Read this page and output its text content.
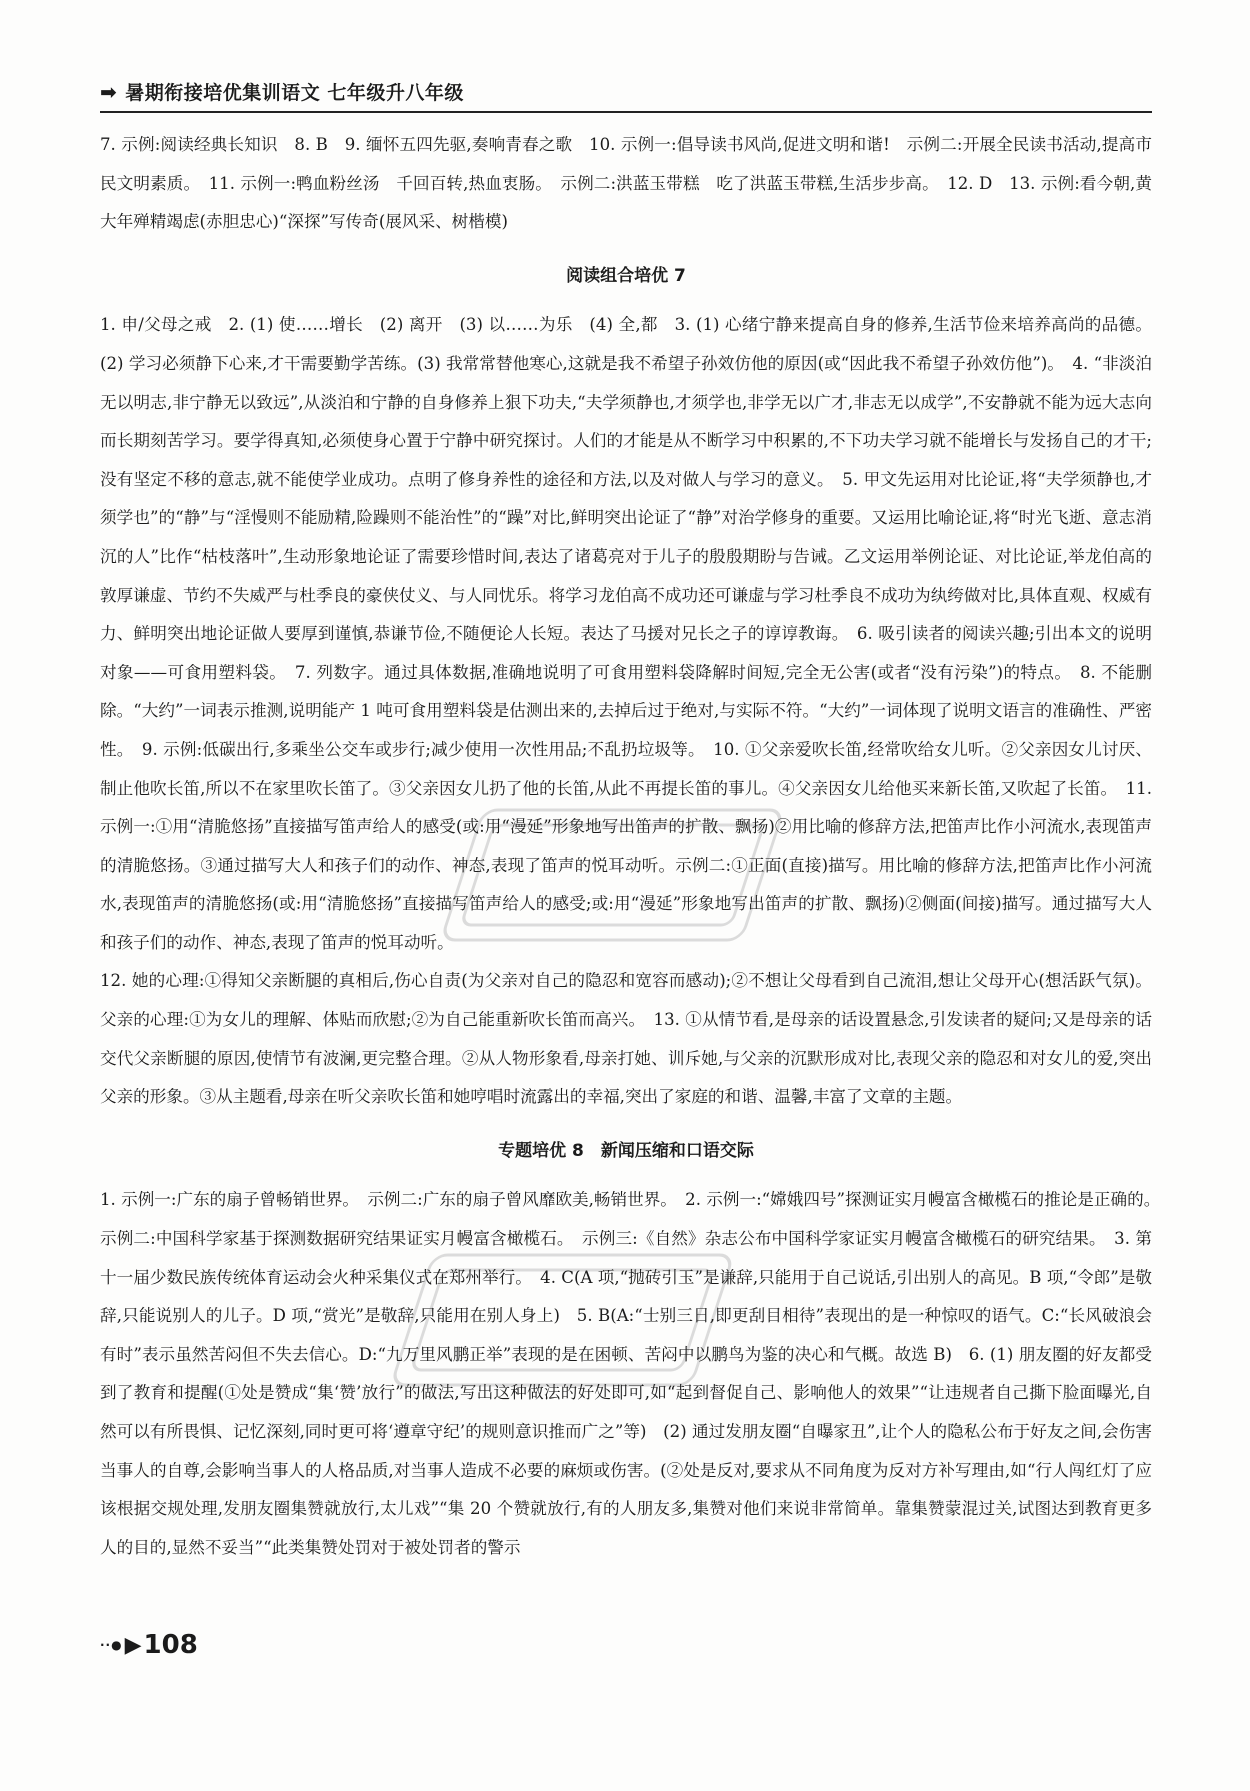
➡ 暑期衔接培优集训语文 七年级升八年级

7. 示例:阅读经典长知识　8. B　9. 缅怀五四先驱,奏响青春之歌　10. 示例一:倡导读书风尚,促进文明和谐!　示例二:开展全民读书活动,提高市民文明素质。　11. 示例一:鸭血粉丝汤　千回百转,热血衷肠。　示例二:洪蓝玉带糕　吃了洪蓝玉带糕,生活步步高。　12. D　13. 示例:看今朝,黄大年殚精竭虑(赤胆忠心)“深探”写传奇(展风采、树楷模)

阅读组合培优 7

1. 申/父母之戒　2. (1) 使……增长　(2) 离开　(3) 以……为乐　(4) 全,都　3. (1) 心绪宁静来提高自身的修养,生活节俭来培养高尚的品德。(2) 学习必须静下心来,才干需要勤学苦练。(3) 我常常替他寒心,这就是我不希望子孙效仿他的原因(或“因此我不希望子孙效仿他”)。　4. “非淡泊无以明志,非宁静无以致远”,从淡泊和宁静的自身修养上狠下功夫,“夫学须静也,才须学也,非学无以广才,非志无以成学”,不安静就不能为远大志向而长期刻苦学习。要学得真知,必须使身心置于宁静中研究探讨。人们的才能是从不断学习中积累的,不下功夫学习就不能增长与发扬自己的才干;没有坚定不移的意志,就不能使学业成功。点明了修身养性的途径和方法,以及对做人与学习的意义。　5. 甲文先运用对比论证,将“夫学须静也,才须学也”的“静”与“淫慢则不能励精,险躁则不能治性”的“躁”对比,鲜明突出论证了“静”对治学修身的重要。又运用比喻论证,将“时光飞逝、意志消沉的人”比作“枯枝落叶”,生动形象地论证了需要珍惜时间,表达了诸葛亮对于儿子的殷殷期盼与告诫。乙文运用举例论证、对比论证,举龙伯高的敦厚谦虚、节约不失威严与杜季良的豪侠仗义、与人同忧乐。将学习龙伯高不成功还可谦虚与学习杜季良不成功为纨绔做对比,具体直观、权威有力、鲜明突出地论证做人要厚到谨慎,恭谦节俭,不随便论人长短。表达了马援对兄长之子的谆谆教诲。　6. 吸引读者的阅读兴趣;引出本文的说明对象——可食用塑料袋。　7. 列数字。通过具体数据,准确地说明了可食用塑料袋降解时间短,完全无公害(或者“没有污染”)的特点。　8. 不能删除。“大约”一词表示推测,说明能产 1 吨可食用塑料袋是估测出来的,去掉后过于绝对,与实际不符。“大约”一词体现了说明文语言的准确性、严密性。　9. 示例:低碳出行,多乘坐公交车或步行;减少使用一次性用品;不乱扔垃圾等。　10. ①父亲爱吹长笛,经常吹给女儿听。②父亲因女儿讨厌、制止他吹长笛,所以不在家里吹长笛了。③父亲因女儿扔了他的长笛,从此不再提长笛的事儿。④父亲因女儿给他买来新长笛,又吹起了长笛。　11. 示例一:①用“清脆悠扬”直接描写笛声给人的感受(或:用“漫延”形象地写出笛声的扩散、飘扬)②用比喻的修辞方法,把笛声比作小河流水,表现笛声的清脆悠扬。③通过描写大人和孩子们的动作、神态,表现了笛声的悦耳动听。示例二:①正面(直接)描写。用比喻的修辞方法,把笛声比作小河流水,表现笛声的清脆悠扬(或:用“清脆悠扬”直接描写笛声给人的感受;或:用“漫延”形象地写出笛声的扩散、飘扬)②侧面(间接)描写。通过描写大人和孩子们的动作、神态,表现了笛声的悦耳动听。

12. 她的心理:①得知父亲断腿的真相后,伤心自责(为父亲对自己的隐忍和宽容而感动);②不想让父母看到自己流泪,想让父母开心(想活跃气氛)。父亲的心理:①为女儿的理解、体贴而欣慰;②为自己能重新吹长笛而高兴。　13. ①从情节看,是母亲的话设置悬念,引发读者的疑问;又是母亲的话交代父亲断腿的原因,使情节有波澜,更完整合理。②从人物形象看,母亲打她、训斥她,与父亲的沉默形成对比,表现父亲的隐忍和对女儿的爱,突出父亲的形象。③从主题看,母亲在听父亲吹长笛和她哼唱时流露出的幸福,突出了家庭的和谐、温馨,丰富了文章的主题。

专题培优 8　新闻压缩和口语交际

1. 示例一:广东的扇子曾畅销世界。　示例二:广东的扇子曾风靡欧美,畅销世界。　2. 示例一:“嫦娥四号”探测证实月幔富含橄榄石的推论是正确的。　示例二:中国科学家基于探测数据研究结果证实月幔富含橄榄石。　示例三:《自然》杂志公布中国科学家证实月幔富含橄榄石的研究结果。　3. 第十一届少数民族传统体育运动会火种采集仪式在郑州举行。　4. C(A 项,“抛砖引玉”是谦辞,只能用于自己说话,引出别人的高见。B 项,“令郎”是敬辞,只能说别人的儿子。D 项,“赏光”是敬辞,只能用在别人身上)　5. B(A:“士别三日,即更刮目相待”表现出的是一种惊叹的语气。C:“长风破浪会有时”表示虽然苦闷但不失去信心。D:“九万里风鹏正举”表现的是在困顿、苦闷中以鹏鸟为鉴的决心和气概。故选 B)　6. (1) 朋友圈的好友都受到了教育和提醒(①处是赞成“集‘赞’放行”的做法,写出这种做法的好处即可,如“起到督促自己、影响他人的效果”“让违规者自己撕下脸面曝光,自然可以有所畏惧、记忆深刻,同时更可将‘遵章守纪’的规则意识推而广之”等)　(2) 通过发朋友圈“自曝家丑”,让个人的隐私公布于好友之间,会伤害当事人的自尊,会影响当事人的人格品质,对当事人造成不必要的麻烦或伤害。(②处是反对,要求从不同角度为反对方补写理由,如“行人闯红灯了应该根据交规处理,发朋友圈集赞就放行,太儿戏”“集 20 个赞就放行,有的人朋友多,集赞对他们来说非常简单。靠集赞蒙混过关,试图达到教育更多人的目的,显然不妥当”“此类集赞处罚对于被处罚者的警示

··● ▶ 108
